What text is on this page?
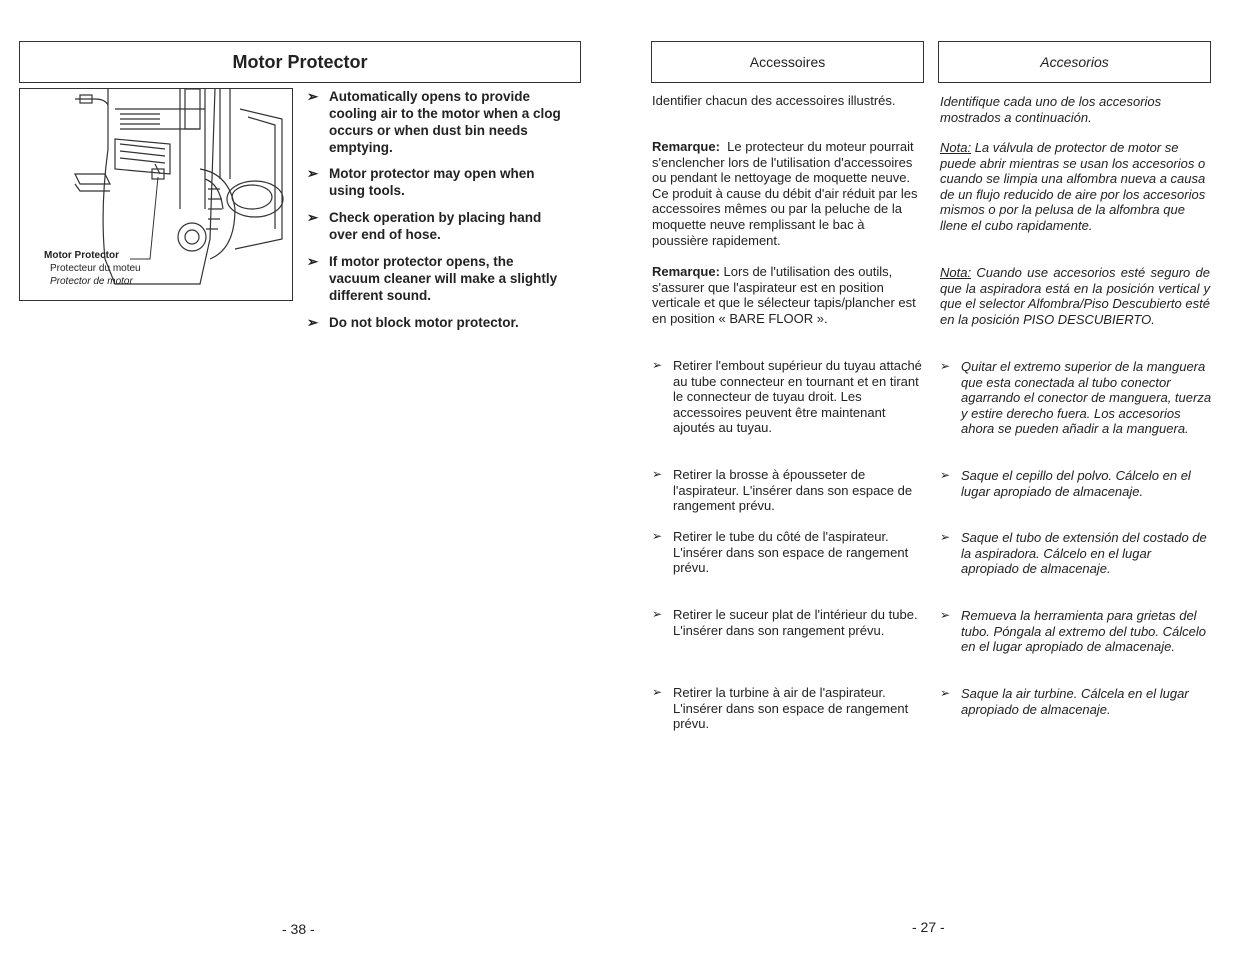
Motor Protector
Motor Protector
Protecteur du moteu
Protector de motor
➢ Automatically opens to provide cooling air to the motor when a clog occurs or when dust bin needs emptying.
➢ Motor protector may open when using tools.
➢ Check operation by placing hand over end of hose.
➢ If motor protector opens, the vacuum cleaner will make a slightly different sound.
➢ Do not block motor protector.
- 38 -
Accessoires
Identifier chacun des accessoires illustrés.
Remarque: Le protecteur du moteur pourrait s'enclencher lors de l'utilisation d'accessoires ou pendant le nettoyage de moquette neuve. Ce produit à cause du débit d'air réduit par les accessoires mêmes ou par la peluche de la moquette neuve remplissant le bac à poussière rapidement.
Remarque: Lors de l'utilisation des outils, s'assurer que l'aspirateur est en position verticale et que le sélecteur tapis/plancher est en position « BARE FLOOR ».
➢ Retirer l'embout supérieur du tuyau attaché au tube connecteur en tournant et en tirant le connecteur de tuyau droit. Les accessoires peuvent être maintenant ajoutés au tuyau.
➢ Retirer la brosse à épousseter de l'aspirateur. L'insérer dans son espace de rangement prévu.
➢ Retirer le tube du côté de l'aspirateur. L'insérer dans son espace de rangement prévu.
➢ Retirer le suceur plat de l'intérieur du tube. L'insérer dans son rangement prévu.
➢ Retirer la turbine à air de l'aspirateur. L'insérer dans son espace de rangement prévu.
Accesorios
Identifique cada uno de los accesorios mostrados a continuación.
Nota: La válvula de protector de motor se puede abrir mientras se usan los accesorios o cuando se limpia una alfombra nueva a causa de un flujo reducido de aire por los accesorios mismos o por la pelusa de la alfombra que llene el cubo rapidamente.
Nota: Cuando use accesorios esté seguro de que la aspiradora está en la posición vertical y que el selector Alfombra/Piso Descubierto esté en la posición PISO DESCUBIERTO.
➢ Quitar el extremo superior de la manguera que esta conectada al tubo conector agarrando el conector de manguera, tuerza y estire derecho fuera. Los accesorios ahora se pueden añadir a la manguera.
➢ Saque el cepillo del polvo. Cálcelo en el lugar apropiado de almacenaje.
➢ Saque el tubo de extensión del costado de la aspiradora. Cálcelo en el lugar apropiado de almacenaje.
➢ Remueva la herramienta para grietas del tubo. Póngala al extremo del tubo. Cálcelo en el lugar apropiado de almacenaje.
➢ Saque la air turbine. Cálcela en el lugar apropiado de almacenaje.
- 27 -
